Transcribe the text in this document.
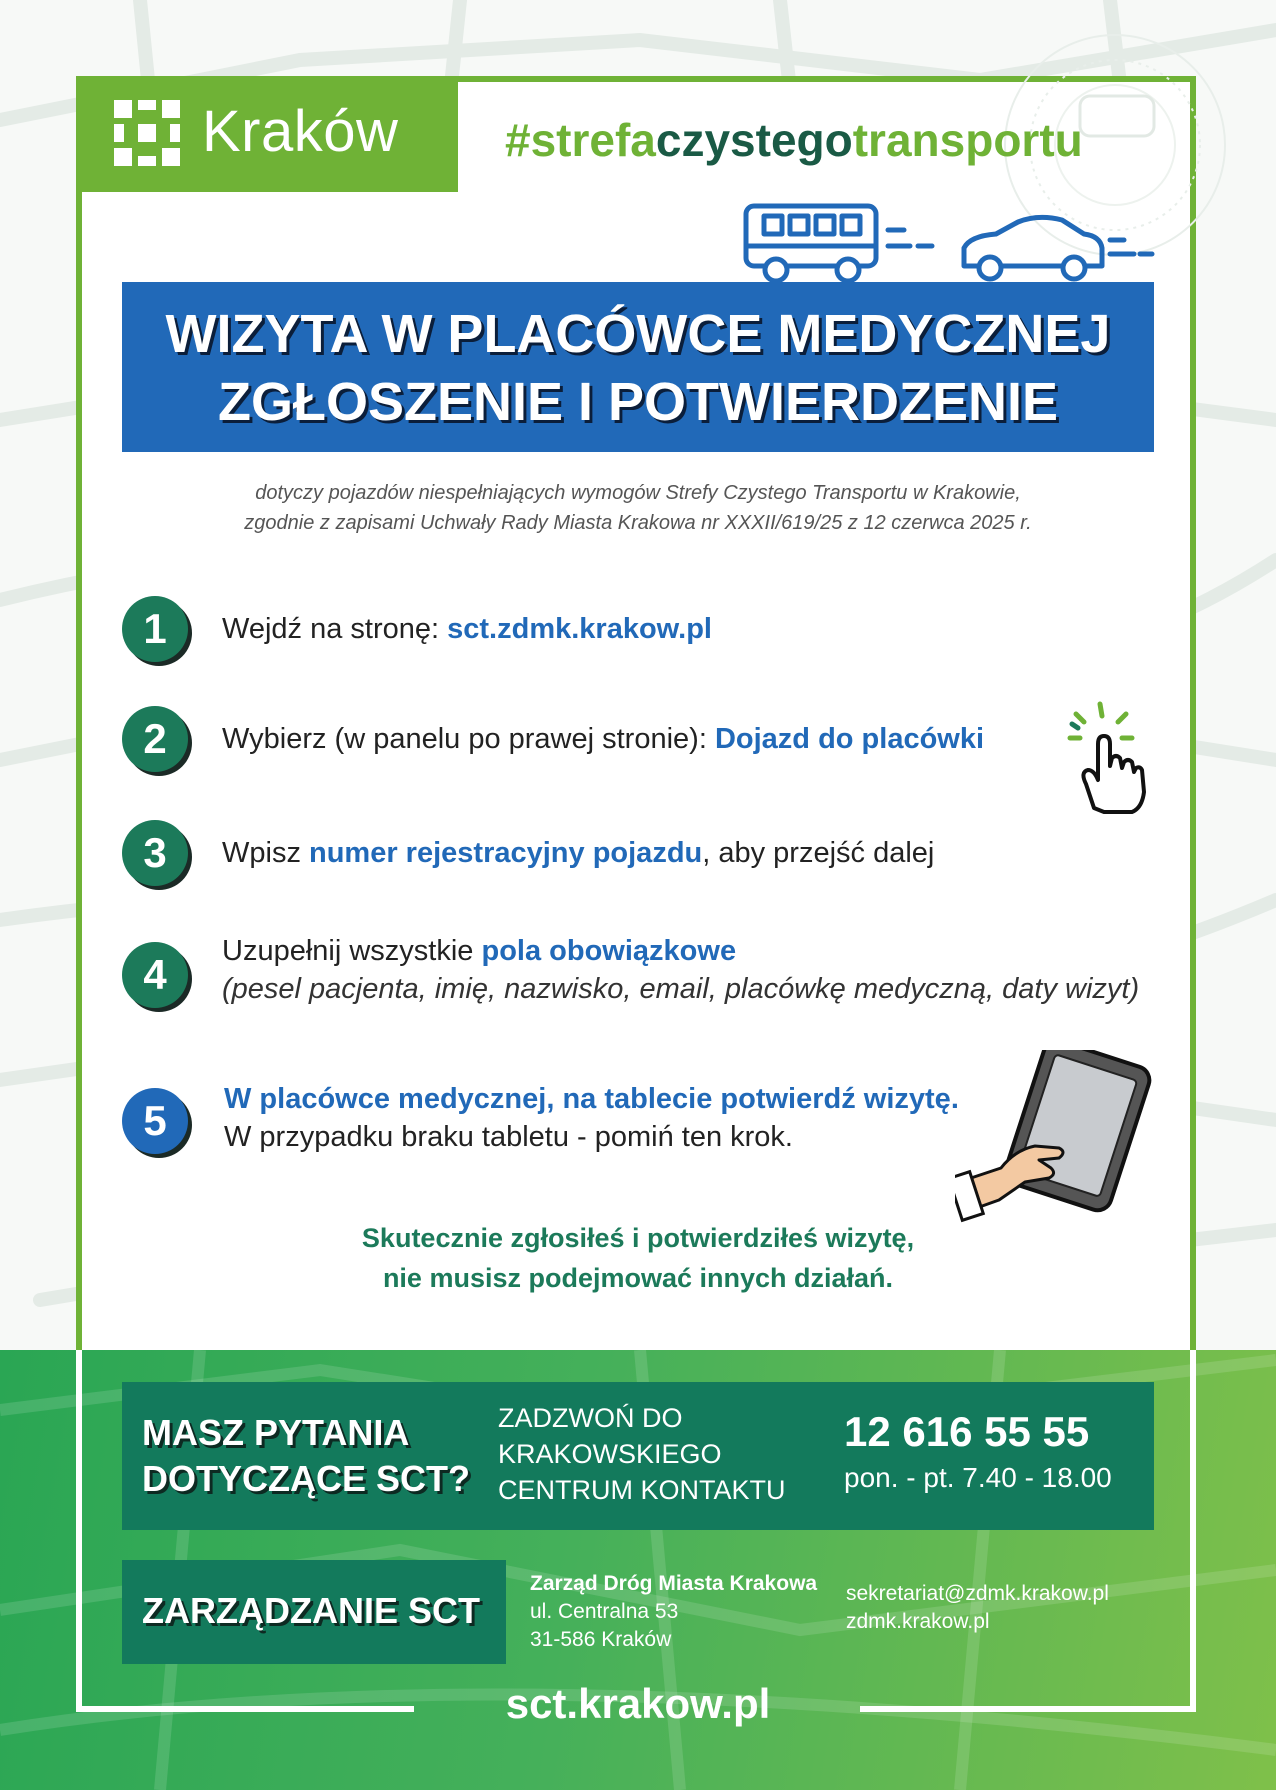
Kraków #strefaczystegotransportu
WIZYTA W PLACÓWCE MEDYCZNEJ
ZGŁOSZENIE I POTWIERDZENIE
dotyczy pojazdów niespełniających wymogów Strefy Czystego Transportu w Krakowie,
zgodnie z zapisami Uchwały Rady Miasta Krakowa nr XXXII/619/25 z 12 czerwca 2025 r.
1	Wejdź na stronę: sct.zdmk.krakow.pl
2	Wybierz (w panelu po prawej stronie): Dojazd do placówki
3	Wpisz numer rejestracyjny pojazdu, aby przejść dalej
4	Uzupełnij wszystkie pola obowiązkowe
(pesel pacjenta, imię, nazwisko, email, placówkę medyczną, daty wizyt)
5	W placówce medycznej, na tablecie potwierdź wizytę.
W przypadku braku tabletu - pomiń ten krok.
Skutecznie zgłosiłeś i potwierdziłeś wizytę,
nie musisz podejmować innych działań.
MASZ PYTANIA
DOTYCZĄCE SCT?
ZADZWOŃ DO
KRAKOWSKIEGO
CENTRUM KONTAKTU
12 616 55 55
pon. - pt. 7.40 - 18.00
ZARZĄDZANIE SCT
Zarząd Dróg Miasta Krakowa
ul. Centralna 53
31-586 Kraków
sekretariat@zdmk.krakow.pl
zdmk.krakow.pl
sct.krakow.pl
